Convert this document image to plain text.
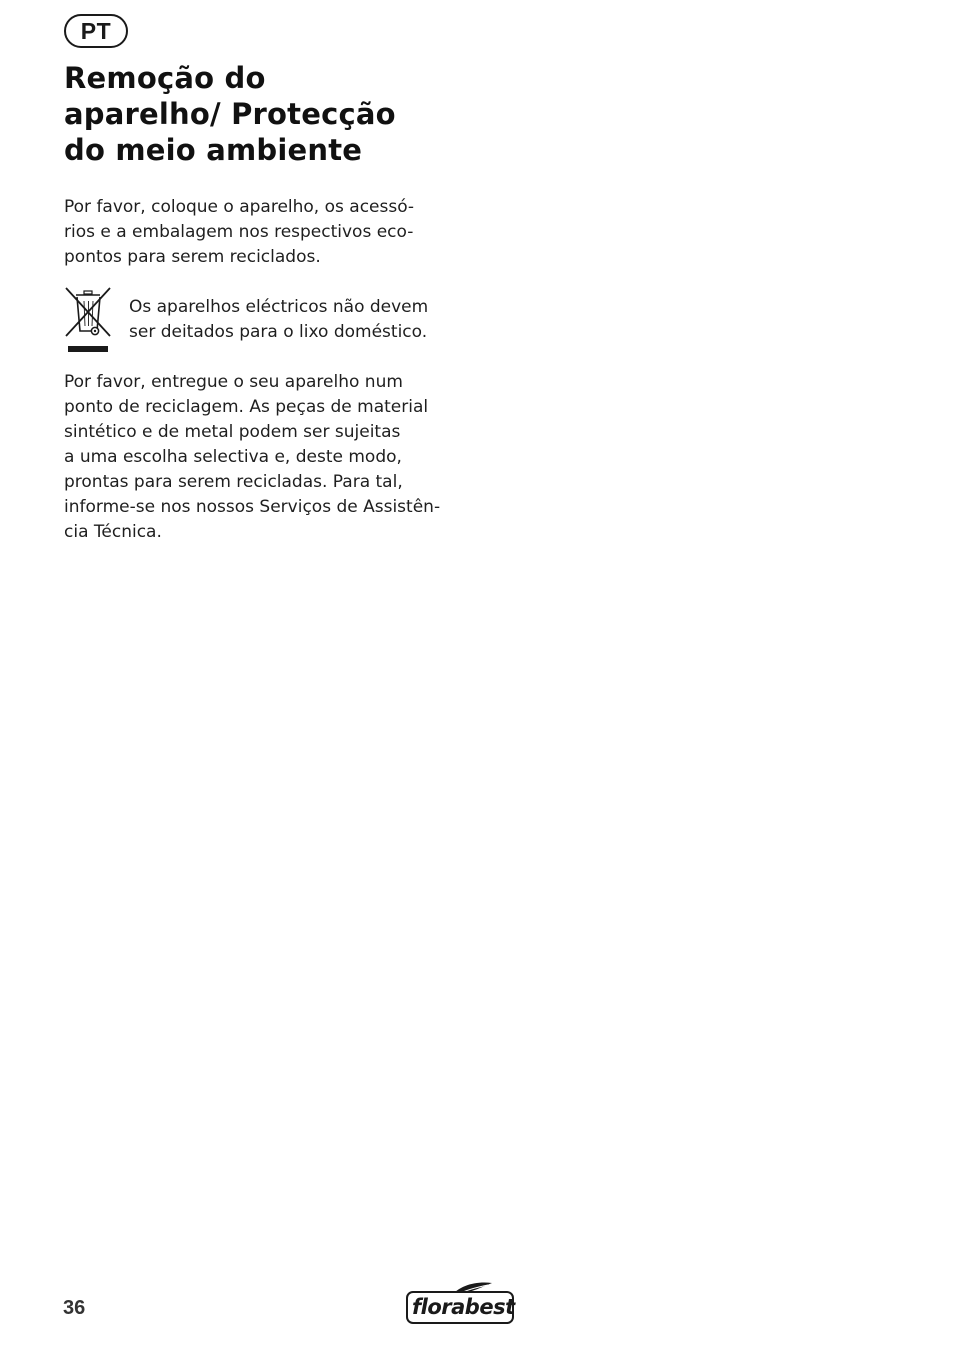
PT
Remoção do
aparelho/ Protecção
do meio ambiente

Por favor, coloque o aparelho, os acessó-
rios e a embalagem nos respectivos eco-
pontos para serem reciclados.

Os aparelhos eléctricos não devem
ser deitados para o lixo doméstico.

Por favor, entregue o seu aparelho num
ponto de reciclagem. As peças de material
sintético e de metal podem ser sujeitas
a uma escolha selectiva e, deste modo,
prontas para serem recicladas. Para tal,
informe-se nos nossos Serviços de Assistên-
cia Técnica.

36	florabest
